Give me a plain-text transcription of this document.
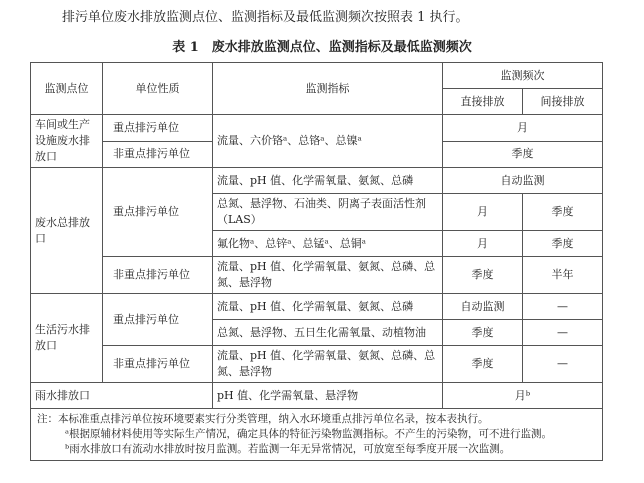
排污单位废水排放监测点位、监测指标及最低监测频次按照表 1 执行。
表 1　废水排放监测点位、监测指标及最低监测频次
监测点位	单位性质	监测指标	监测频次	
			直接排放	间接排放
车间或生产设施废水排放口	重点排污单位	流量、六价铬ᵃ、总铬ᵃ、总镍ᵃ	月	
	非重点排污单位		季度	
废水总排放口	重点排污单位	流量、pH 值、化学需氧量、氨氮、总磷	自动监测	
		总氮、悬浮物、石油类、阴离子表面活性剂（LAS）	月	季度
		氟化物ᵃ、总锌ᵃ、总锰ᵃ、总铜ᵃ	月	季度
	非重点排污单位	流量、pH 值、化学需氧量、氨氮、总磷、总氮、悬浮物	季度	半年
生活污水排放口	重点排污单位	流量、pH 值、化学需氧量、氨氮、总磷	自动监测	—
		总氮、悬浮物、五日生化需氧量、动植物油	季度	—
	非重点排污单位	流量、pH 值、化学需氧量、氨氮、总磷、总氮、悬浮物	季度	—
雨水排放口		pH 值、化学需氧量、悬浮物	月ᵇ	

注：本标准重点排污单位按环境要素实行分类管理，纳入水环境重点排污单位名录，按本表执行。
ᵃ根据原辅材料使用等实际生产情况，确定具体的特征污染物监测指标。不产生的污染物，可不进行监测。
ᵇ雨水排放口有流动水排放时按月监测。若监测一年无异常情况，可放宽至每季度开展一次监测。				
